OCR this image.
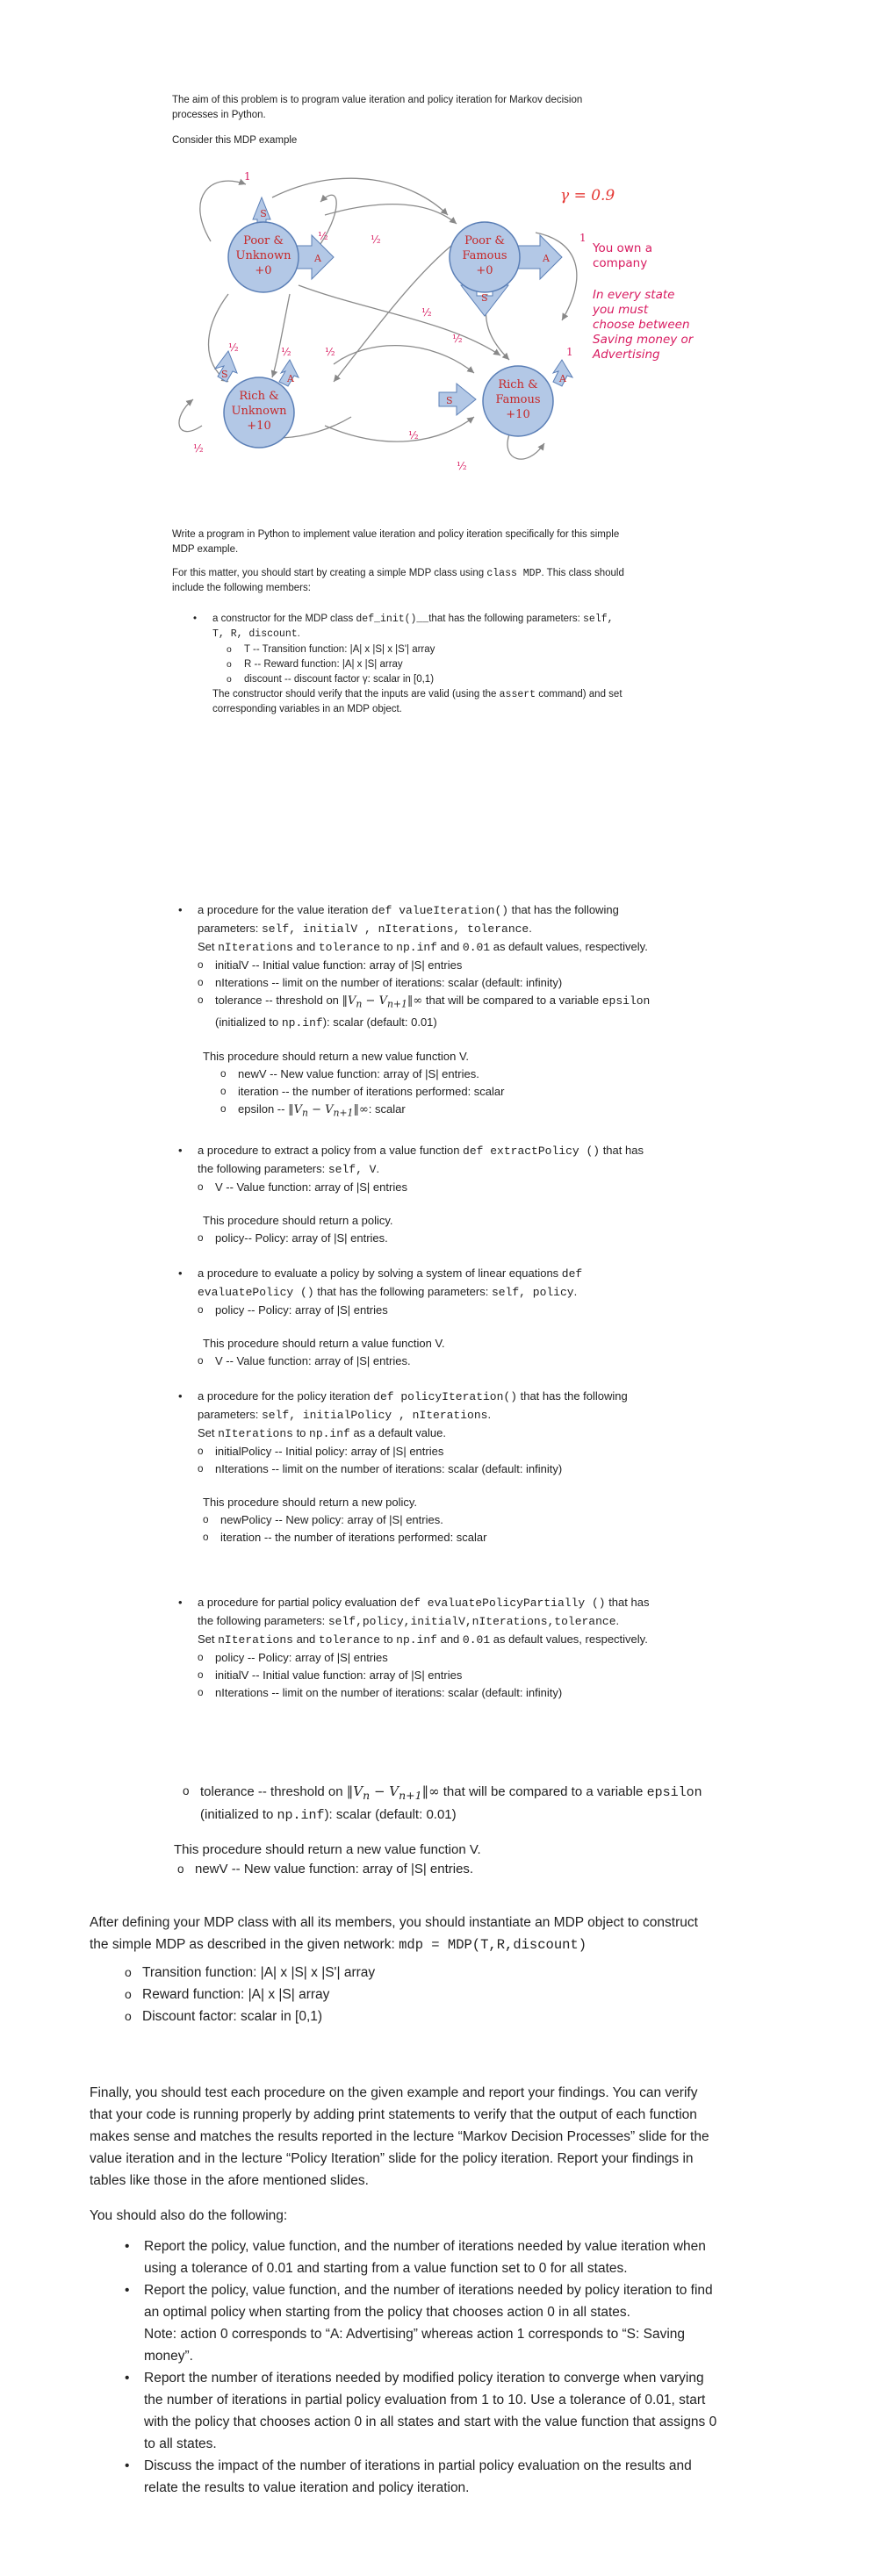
The aim of this problem is to program value iteration and policy iteration for Markov decision

processes in Python.

Consider this MDP example
Poor &
Unknown
+0
S
A
Poor &
Famous
+0
S
A
Rich &
Unknown
+10
S	A	Rich &
Famous
+10
S
A
1
½	½	1
1
½	½	½
½
½
½
½
½
γ = 0.9
You own a
company
In every state
you must
choose between
Saving money or
Advertising

Write a program in Python to implement value iteration and policy iteration specifically for this simple

MDP example.

For this matter, you should start by creating a simple MDP class using class MDP. This class should

include the following members:

• a constructor for the MDP class def_init()__that has the following parameters: self,
T, R, discount.
o T -- Transition function: |A| x |S| x |S'| array
o R -- Reward function: |A| x |S| array
o discount -- discount factor γ: scalar in [0,1)

The constructor should verify that the inputs are valid (using the assert command) and set

corresponding variables in an MDP object.

• a procedure for the value iteration def valueIteration() that has the following
parameters: self, initialV , nIterations, tolerance.
Set nIterations and tolerance to np.inf and 0.01 as default values, respectively.
o initialV -- Initial value function: array of |S| entries
o nIterations -- limit on the number of iterations: scalar (default: infinity)
o tolerance -- threshold on $‖V_n$ − $V_{n+1}‖\infty$ that will be compared to a variable epsilon
(initialized to np.inf): scalar (default: 0.01)

This procedure should return a new value function V.

o newV -- New value function: array of |S| entries.
o iteration -- the number of iterations performed: scalar
o epsilon -- $‖V_n$ − $V_{n+1}‖\infty$: scalar
• a procedure to extract a policy from a value function def extractPolicy () that has
the following parameters: self, V.
o V -- Value function: array of |S| entries

This procedure should return a policy.

o policy-- Policy: array of |S| entries.
• a procedure to evaluate a policy by solving a system of linear equations def
evaluatePolicy () that has the following parameters: self, policy.
o policy -- Policy: array of |S| entries

This procedure should return a value function V.

o V -- Value function: array of |S| entries.
• a procedure for the policy iteration def policyIteration() that has the following
parameters: self, initialPolicy , nIterations.
Set nIterations to np.inf as a default value.
o initialPolicy -- Initial policy: array of |S| entries
o nIterations -- limit on the number of iterations: scalar (default: infinity)

This procedure should return a new policy.

o newPolicy -- New policy: array of |S| entries.
o iteration -- the number of iterations performed: scalar
• a procedure for partial policy evaluation def evaluatePolicyPartially () that has
the following parameters: self,policy,initialV,nIterations,tolerance.
Set nIterations and tolerance to np.inf and 0.01 as default values, respectively.
o policy -- Policy: array of |S| entries
o initialV -- Initial value function: array of |S| entries
o nIterations -- limit on the number of iterations: scalar (default: infinity)
o tolerance -- threshold on $‖V_n$ − $V_{n+1}‖\infty$ that will be compared to a variable epsilon
(initialized to np.inf): scalar (default: 0.01)

This procedure should return a new value function V.

o newV -- New value function: array of |S| entries.

After defining your MDP class with all its members, you should instantiate an MDP object to construct

the simple MDP as described in the given network: mdp = MDP(T,R,discount)

o Transition function: |A| x |S| x |S'| array
o Reward function: |A| x |S| array
o Discount factor: scalar in [0,1)

Finally, you should test each procedure on the given example and report your findings. You can verify

that your code is running properly by adding print statements to verify that the output of each function

makes sense and matches the results reported in the lecture “Markov Decision Processes” slide for the

value iteration and in the lecture “Policy Iteration” slide for the policy iteration. Report your findings in

tables like those in the afore mentioned slides.

You should also do the following:

• Report the policy, value function, and the number of iterations needed by value iteration when

using a tolerance of 0.01 and starting from a value function set to 0 for all states.

• Report the policy, value function, and the number of iterations needed by policy iteration to find

an optimal policy when starting from the policy that chooses action 0 in all states.

Note: action 0 corresponds to “A: Advertising” whereas action 1 corresponds to “S: Saving

money”.

• Report the number of iterations needed by modified policy iteration to converge when varying

the number of iterations in partial policy evaluation from 1 to 10. Use a tolerance of 0.01, start

with the policy that chooses action 0 in all states and start with the value function that assigns 0

to all states.

• Discuss the impact of the number of iterations in partial policy evaluation on the results and

relate the results to value iteration and policy iteration.
